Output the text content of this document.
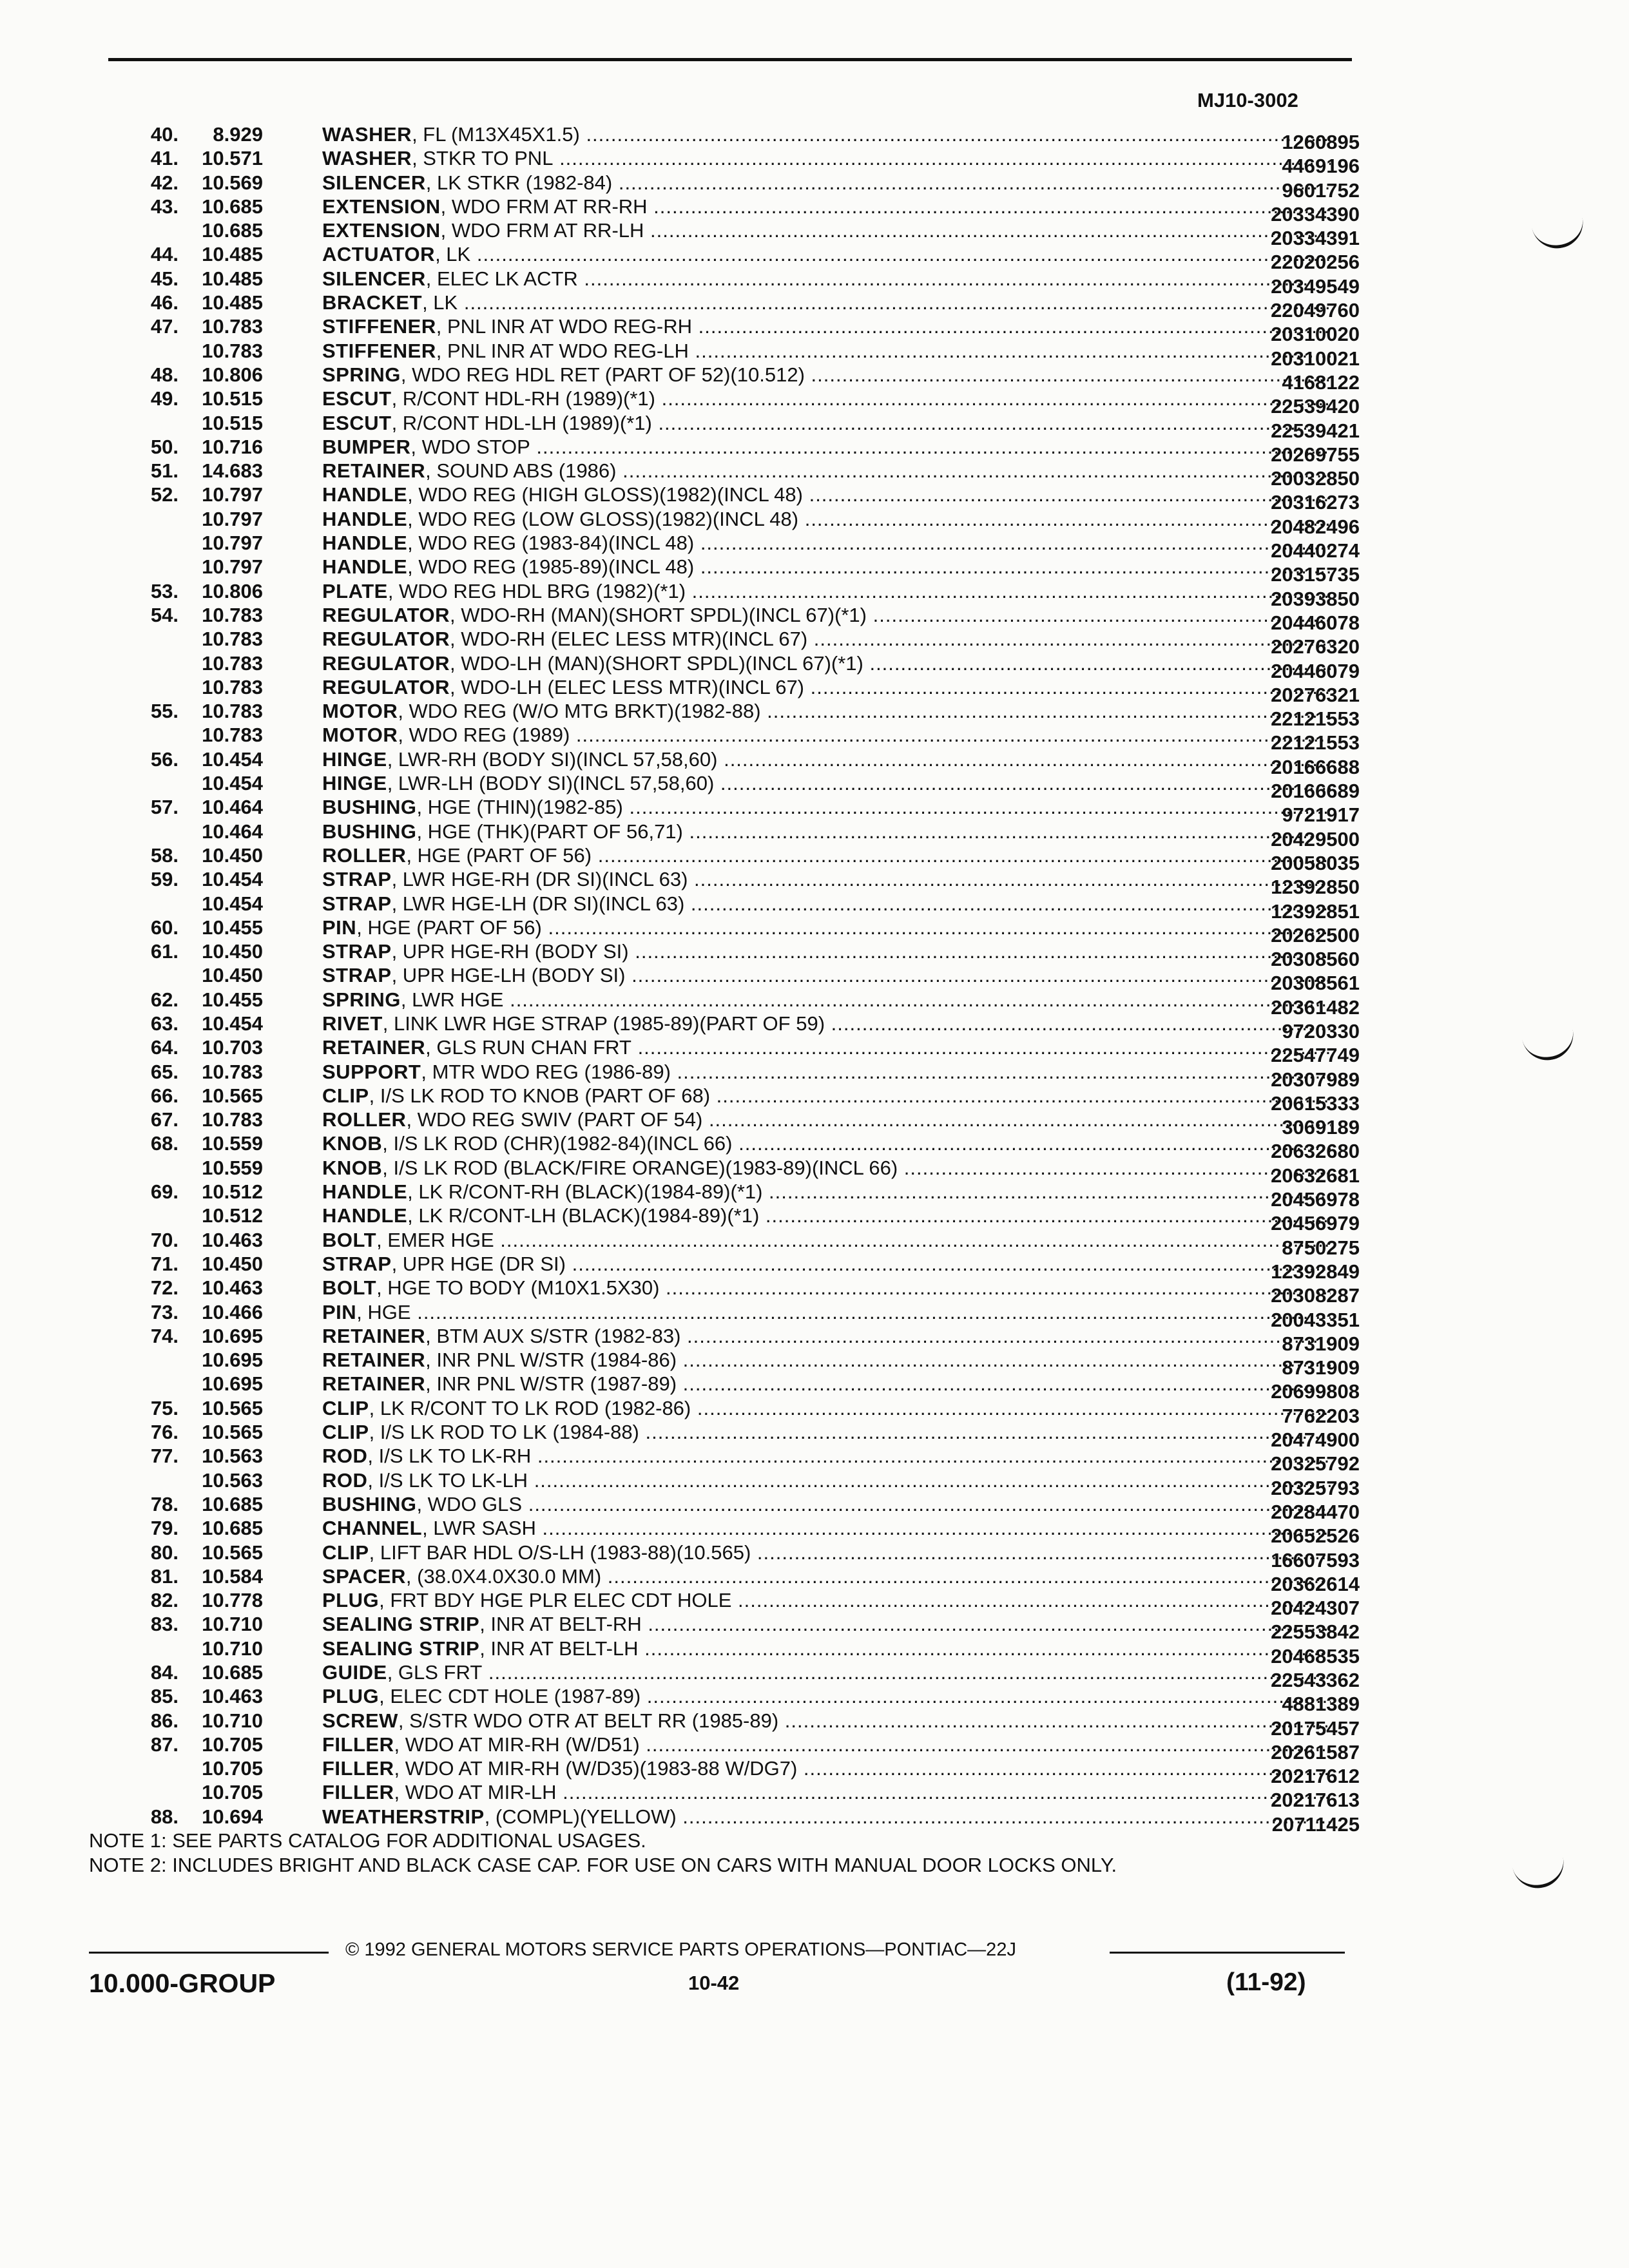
MJ10-3002
40.	8.929	WASHER, FL (M13X45X1.5) .....	1260895
41.	10.571	WASHER, STKR TO PNL .....	4469196
42.	10.569	SILENCER, LK STKR (1982-84) .....	9601752
43.	10.685	EXTENSION, WDO FRM AT RR-RH .....	20334390
10.685	EXTENSION, WDO FRM AT RR-LH .....	20334391
44.	10.485	ACTUATOR, LK .....	22020256
45.	10.485	SILENCER, ELEC LK ACTR .....	20349549
46.	10.485	BRACKET, LK .....	22049760
47.	10.783	STIFFENER, PNL INR AT WDO REG-RH .....	20310020
10.783	STIFFENER, PNL INR AT WDO REG-LH .....	20310021
48.	10.806	SPRING, WDO REG HDL RET (PART OF 52)(10.512) .....	4168122
49.	10.515	ESCUT, R/CONT HDL-RH (1989)(*1) .....	22539420
10.515	ESCUT, R/CONT HDL-LH (1989)(*1) .....	22539421
50.	10.716	BUMPER, WDO STOP .....	20269755
51.	14.683	RETAINER, SOUND ABS (1986) .....	20032850
52.	10.797	HANDLE, WDO REG (HIGH GLOSS)(1982)(INCL 48) .....	20316273
10.797	HANDLE, WDO REG (LOW GLOSS)(1982)(INCL 48) .....	20482496
10.797	HANDLE, WDO REG (1983-84)(INCL 48) .....	20440274
10.797	HANDLE, WDO REG (1985-89)(INCL 48) .....	20315735
53.	10.806	PLATE, WDO REG HDL BRG (1982)(*1) .....	20393850
54.	10.783	REGULATOR, WDO-RH (MAN)(SHORT SPDL)(INCL 67)(*1) .....	20446078
10.783	REGULATOR, WDO-RH (ELEC LESS MTR)(INCL 67) .....	20276320
10.783	REGULATOR, WDO-LH (MAN)(SHORT SPDL)(INCL 67)(*1) .....	20446079
10.783	REGULATOR, WDO-LH (ELEC LESS MTR)(INCL 67) .....	20276321
55.	10.783	MOTOR, WDO REG (W/O MTG BRKT)(1982-88) .....	22121553
10.783	MOTOR, WDO REG (1989) .....	22121553
56.	10.454	HINGE, LWR-RH (BODY SI)(INCL 57,58,60) .....	20166688
10.454	HINGE, LWR-LH (BODY SI)(INCL 57,58,60) .....	20166689
57.	10.464	BUSHING, HGE (THIN)(1982-85) .....	9721917
10.464	BUSHING, HGE (THK)(PART OF 56,71) .....	20429500
58.	10.450	ROLLER, HGE (PART OF 56) .....	20058035
59.	10.454	STRAP, LWR HGE-RH (DR SI)(INCL 63) .....	12392850
10.454	STRAP, LWR HGE-LH (DR SI)(INCL 63) .....	12392851
60.	10.455	PIN, HGE (PART OF 56) .....	20262500
61.	10.450	STRAP, UPR HGE-RH (BODY SI) .....	20308560
10.450	STRAP, UPR HGE-LH (BODY SI) .....	20308561
62.	10.455	SPRING, LWR HGE .....	20361482
63.	10.454	RIVET, LINK LWR HGE STRAP (1985-89)(PART OF 59) .....	9720330
64.	10.703	RETAINER, GLS RUN CHAN FRT .....	22547749
65.	10.783	SUPPORT, MTR WDO REG (1986-89) .....	20307989
66.	10.565	CLIP, I/S LK ROD TO KNOB (PART OF 68) .....	20615333
67.	10.783	ROLLER, WDO REG SWIV (PART OF 54) .....	3069189
68.	10.559	KNOB, I/S LK ROD (CHR)(1982-84)(INCL 66) .....	20632680
10.559	KNOB, I/S LK ROD (BLACK/FIRE ORANGE)(1983-89)(INCL 66) .....	20632681
69.	10.512	HANDLE, LK R/CONT-RH (BLACK)(1984-89)(*1) .....	20456978
10.512	HANDLE, LK R/CONT-LH (BLACK)(1984-89)(*1) .....	20456979
70.	10.463	BOLT, EMER HGE .....	8750275
71.	10.450	STRAP, UPR HGE (DR SI) .....	12392849
72.	10.463	BOLT, HGE TO BODY (M10X1.5X30) .....	20308287
73.	10.466	PIN, HGE .....	20043351
74.	10.695	RETAINER, BTM AUX S/STR (1982-83) .....	8731909
10.695	RETAINER, INR PNL W/STR (1984-86) .....	8731909
10.695	RETAINER, INR PNL W/STR (1987-89) .....	20699808
75.	10.565	CLIP, LK R/CONT TO LK ROD (1982-86) .....	7762203
76.	10.565	CLIP, I/S LK ROD TO LK (1984-88) .....	20474900
77.	10.563	ROD, I/S LK TO LK-RH .....	20325792
10.563	ROD, I/S LK TO LK-LH .....	20325793
78.	10.685	BUSHING, WDO GLS .....	20284470
79.	10.685	CHANNEL, LWR SASH .....	20652526
80.	10.565	CLIP, LIFT BAR HDL O/S-LH (1983-88)(10.565) .....	16607593
81.	10.584	SPACER, (38.0X4.0X30.0 MM) .....	20362614
82.	10.778	PLUG, FRT BDY HGE PLR ELEC CDT HOLE .....	20424307
83.	10.710	SEALING STRIP, INR AT BELT-RH .....	22553842
10.710	SEALING STRIP, INR AT BELT-LH .....	20468535
84.	10.685	GUIDE, GLS FRT .....	22543362
85.	10.463	PLUG, ELEC CDT HOLE (1987-89) .....	4881389
86.	10.710	SCREW, S/STR WDO OTR AT BELT RR (1985-89) .....	20175457
87.	10.705	FILLER, WDO AT MIR-RH (W/D51) .....	20261587
10.705	FILLER, WDO AT MIR-RH (W/D35)(1983-88 W/DG7) .....	20217612
10.705	FILLER, WDO AT MIR-LH .....	20217613
88.	10.694	WEATHERSTRIP, (COMPL)(YELLOW) .....	20711425
NOTE 1: SEE PARTS CATALOG FOR ADDITIONAL USAGES.
NOTE 2: INCLUDES BRIGHT AND BLACK CASE CAP. FOR USE ON CARS WITH MANUAL DOOR LOCKS ONLY.
© 1992 GENERAL MOTORS SERVICE PARTS OPERATIONS—PONTIAC—22J
10.000-GROUP	10-42	(11-92)
